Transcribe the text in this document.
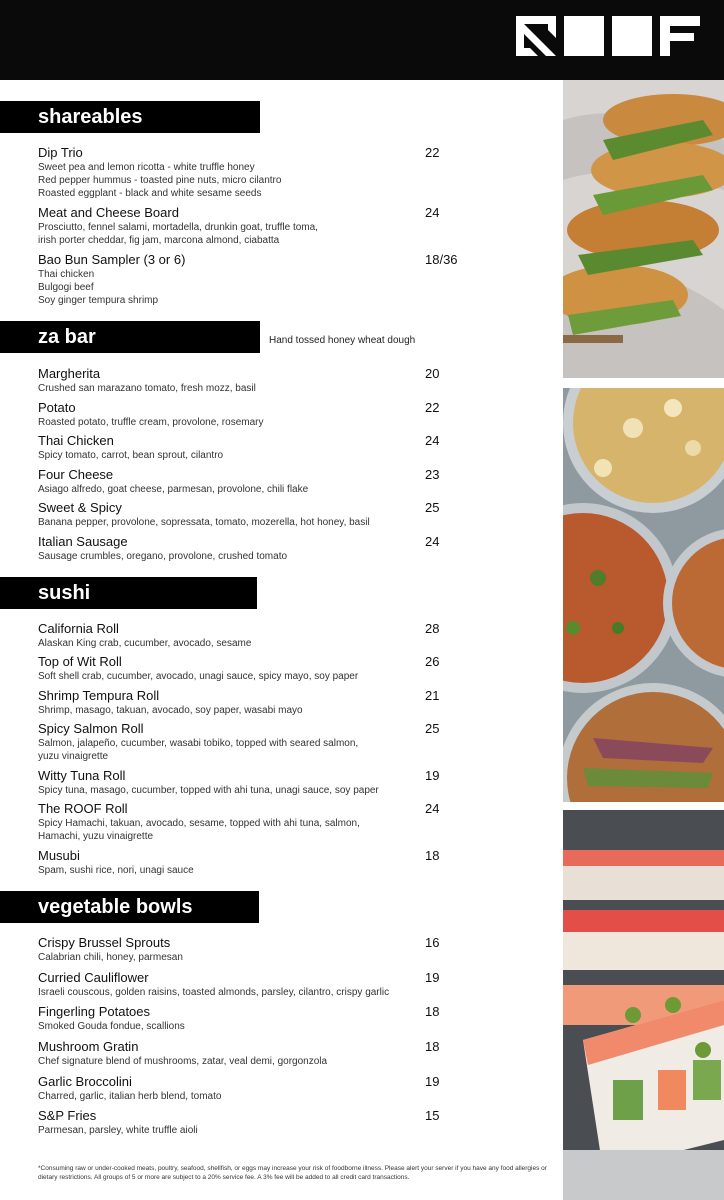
shareables
Dip Trio
Sweet pea and lemon ricotta - white truffle honey
Red pepper hummus - toasted pine nuts, micro cilantro
Roasted eggplant - black and white sesame seeds
22
Meat and Cheese Board
Prosciutto, fennel salami, mortadella, drunkin goat, truffle toma,
irish porter cheddar, fig jam, marcona almond, ciabatta
24
Bao Bun Sampler (3 or 6)
Thai chicken
Bulgogi beef
Soy ginger tempura shrimp
18/36
za bar	Hand tossed honey wheat dough
Margherita
Crushed san marazano tomato, fresh mozz, basil
20
Potato
Roasted potato, truffle cream, provolone, rosemary
22
Thai Chicken
Spicy tomato, carrot, bean sprout, cilantro
24
Four Cheese
Asiago alfredo, goat cheese, parmesan, provolone, chili flake
23
Sweet & Spicy
Banana pepper, provolone, sopressata, tomato, mozerella, hot honey, basil
25
Italian Sausage
Sausage crumbles, oregano, provolone, crushed tomato
24
sushi
California Roll
Alaskan King crab, cucumber, avocado, sesame
28
Top of Wit Roll
Soft shell crab, cucumber, avocado, unagi sauce, spicy mayo, soy paper
26
Shrimp Tempura Roll
Shrimp, masago, takuan, avocado, soy paper, wasabi mayo
21
Spicy Salmon Roll
Salmon, jalapeño, cucumber, wasabi tobiko, topped with seared salmon,
yuzu vinaigrette
25
Witty Tuna Roll
Spicy tuna, masago, cucumber, topped with ahi tuna, unagi sauce, soy paper
19
The ROOF Roll
Spicy Hamachi, takuan, avocado, sesame, topped with ahi tuna, salmon,
Hamachi, yuzu vinaigrette
24
Musubi
Spam, sushi rice, nori, unagi sauce
18
vegetable bowls
Crispy Brussel Sprouts
Calabrian chili, honey, parmesan
16
Curried Cauliflower
Israeli couscous, golden raisins, toasted almonds, parsley, cilantro, crispy garlic
19
Fingerling Potatoes
Smoked Gouda fondue, scallions
18
Mushroom Gratin
Chef signature blend of mushrooms, zatar, veal demi, gorgonzola
18
Garlic Broccolini
Charred, garlic, italian herb blend, tomato
19
S&P Fries
Parmesan, parsley, white truffle aioli
15
*Consuming raw or under-cooked meats, poultry, seafood, shellfish, or eggs may increase your risk of foodborne illness. Please alert your server if you have any food allergies or dietary restrictions. All groups of 5 or more are subject to a 20% service fee. A 3% fee will be added to all credit card transactions.
